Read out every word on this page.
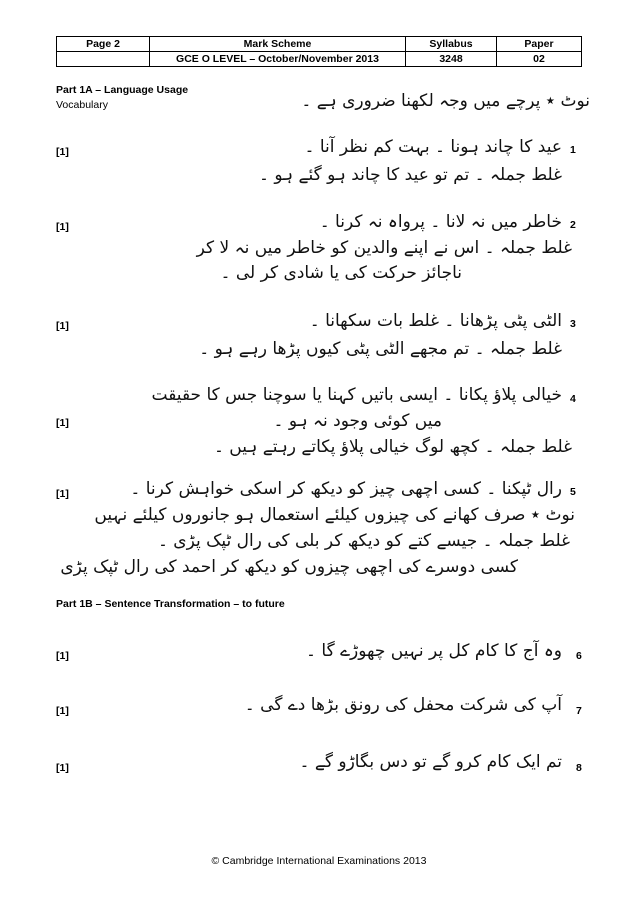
Page 2	Mark Scheme	Syllabus	Paper
	GCE O LEVEL – October/November 2013	3248	02
Part 1A – Language Usage
Vocabulary	نوٹ ٭ پرچے میں وجہ لکھنا ضروری ہے ۔
[1]	1
عید کا چاند ہونا ۔ بہت کم نظر آنا ۔
غلط جملہ ۔ تم تو عید کا چاند ہو گئے ہو ۔
[1]	2
خاطر میں نہ لانا ۔ پرواہ نہ کرنا ۔
غلط جملہ ۔ اس نے اپنے والدین کو خاطر میں نہ لا کر
ناجائز حرکت کی یا شادی کر لی ۔
[1]	3
الٹی پٹی پڑھانا ۔ غلط بات سکھانا ۔
غلط جملہ ۔ تم مجھے الٹی پٹی کیوں پڑھا رہے ہو ۔
[1]
4
خیالی پلاؤ پکانا ۔ ایسی باتیں کہنا یا سوچنا جس کا حقیقت
میں کوئی وجود نہ ہو ۔
غلط جملہ ۔ کچھ لوگ خیالی پلاؤ پکاتے رہتے ہیں ۔
[1]	5
رال ٹپکنا ۔ کسی اچھی چیز کو دیکھ کر اسکی خواہش کرنا ۔
نوٹ ٭ صرف کھانے کی چیزوں کیلئے استعمال ہو جانوروں کیلئے نہیں
غلط جملہ ۔ جیسے کتے کو دیکھ کر بلی کی رال ٹپک پڑی ۔
کسی دوسرے کی اچھی چیزوں کو دیکھ کر احمد کی رال ٹپک پڑی
Part 1B – Sentence Transformation – to future
[1]	6
وہ آج کا کام کل پر نہیں چھوڑے گا ۔
[1]	7
آپ کی شرکت محفل کی رونق بڑھا دے گی ۔
[1]	8
تم ایک کام کرو گے تو دس بگاڑو گے ۔
© Cambridge International Examinations 2013
